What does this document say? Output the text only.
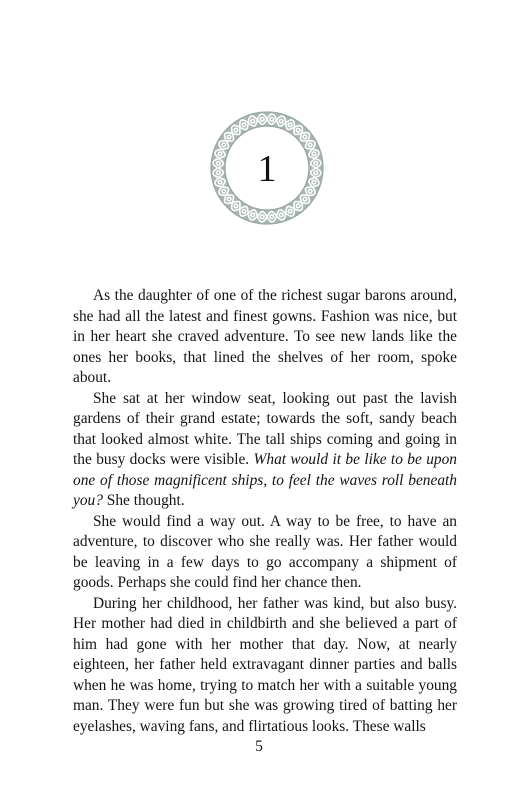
1

As the daughter of one of the richest sugar barons around, she had all the latest and finest gowns. Fashion was nice, but in her heart she craved adventure. To see new lands like the ones her books, that lined the shelves of her room, spoke about.

She sat at her window seat, looking out past the lavish gardens of their grand estate; towards the soft, sandy beach that looked almost white. The tall ships coming and going in the busy docks were visible. What would it be like to be upon one of those magnificent ships, to feel the waves roll beneath you? She thought.

She would find a way out. A way to be free, to have an adventure, to discover who she really was. Her father would be leaving in a few days to go accompany a shipment of goods. Perhaps she could find her chance then.

During her childhood, her father was kind, but also busy. Her mother had died in childbirth and she believed a part of him had gone with her mother that day. Now, at nearly eighteen, her father held extravagant dinner parties and balls when he was home, trying to match her with a suitable young man. They were fun but she was growing tired of batting her eyelashes, waving fans, and flirtatious looks. These walls

5
